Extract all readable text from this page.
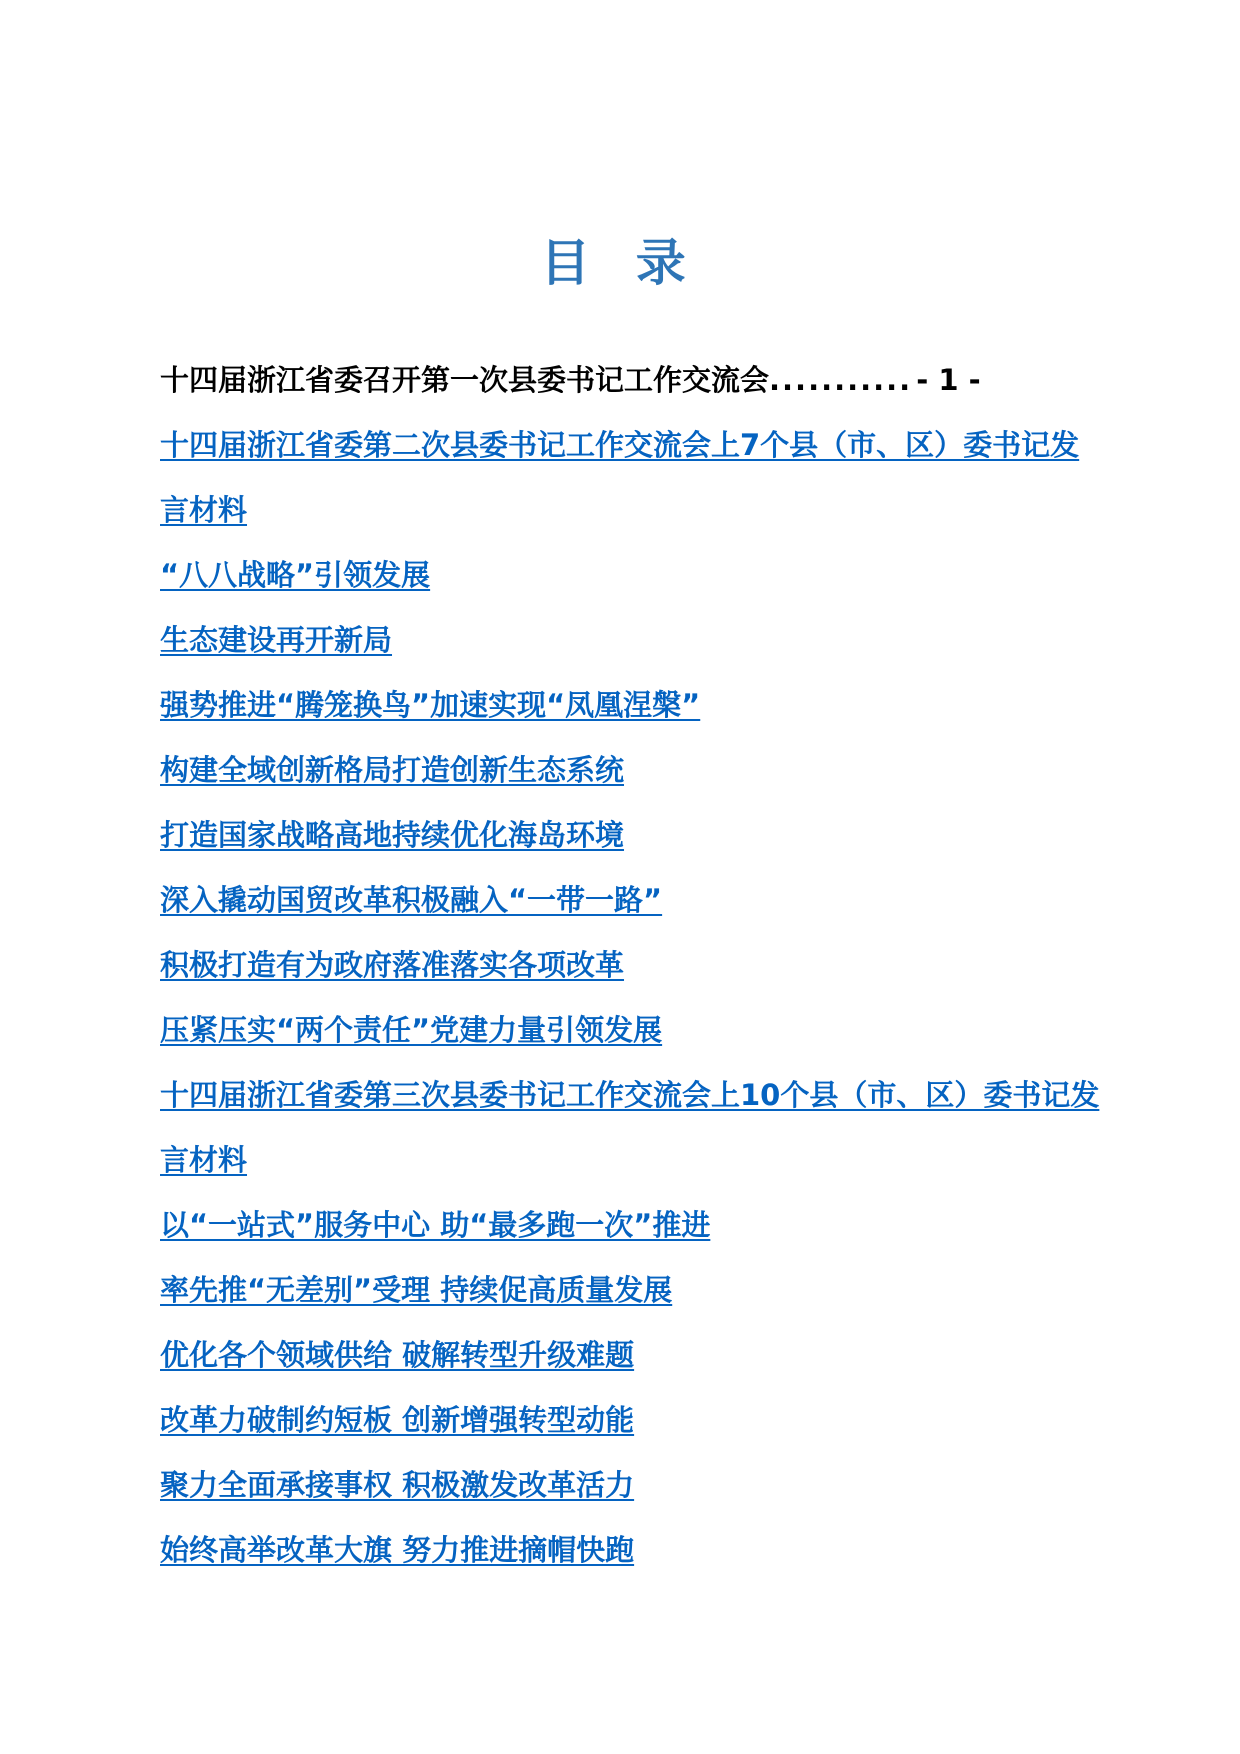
目 录
十四届浙江省委召开第一次县委书记工作交流会........... - 1 -
十四届浙江省委第二次县委书记工作交流会上7个县（市、区）委书记发言材料
“八八战略”引领发展
生态建设再开新局
强势推进“腾笼换鸟”加速实现“凤凰涅槃”
构建全域创新格局打造创新生态系统
打造国家战略高地持续优化海岛环境
深入撬动国贸改革积极融入“一带一路”
积极打造有为政府落准落实各项改革
压紧压实“两个责任”党建力量引领发展
十四届浙江省委第三次县委书记工作交流会上10个县（市、区）委书记发言材料
以“一站式”服务中心 助“最多跑一次”推进
率先推“无差别”受理 持续促高质量发展
优化各个领域供给 破解转型升级难题
改革力破制约短板 创新增强转型动能
聚力全面承接事权 积极激发改革活力
始终高举改革大旗 努力推进摘帽快跑
